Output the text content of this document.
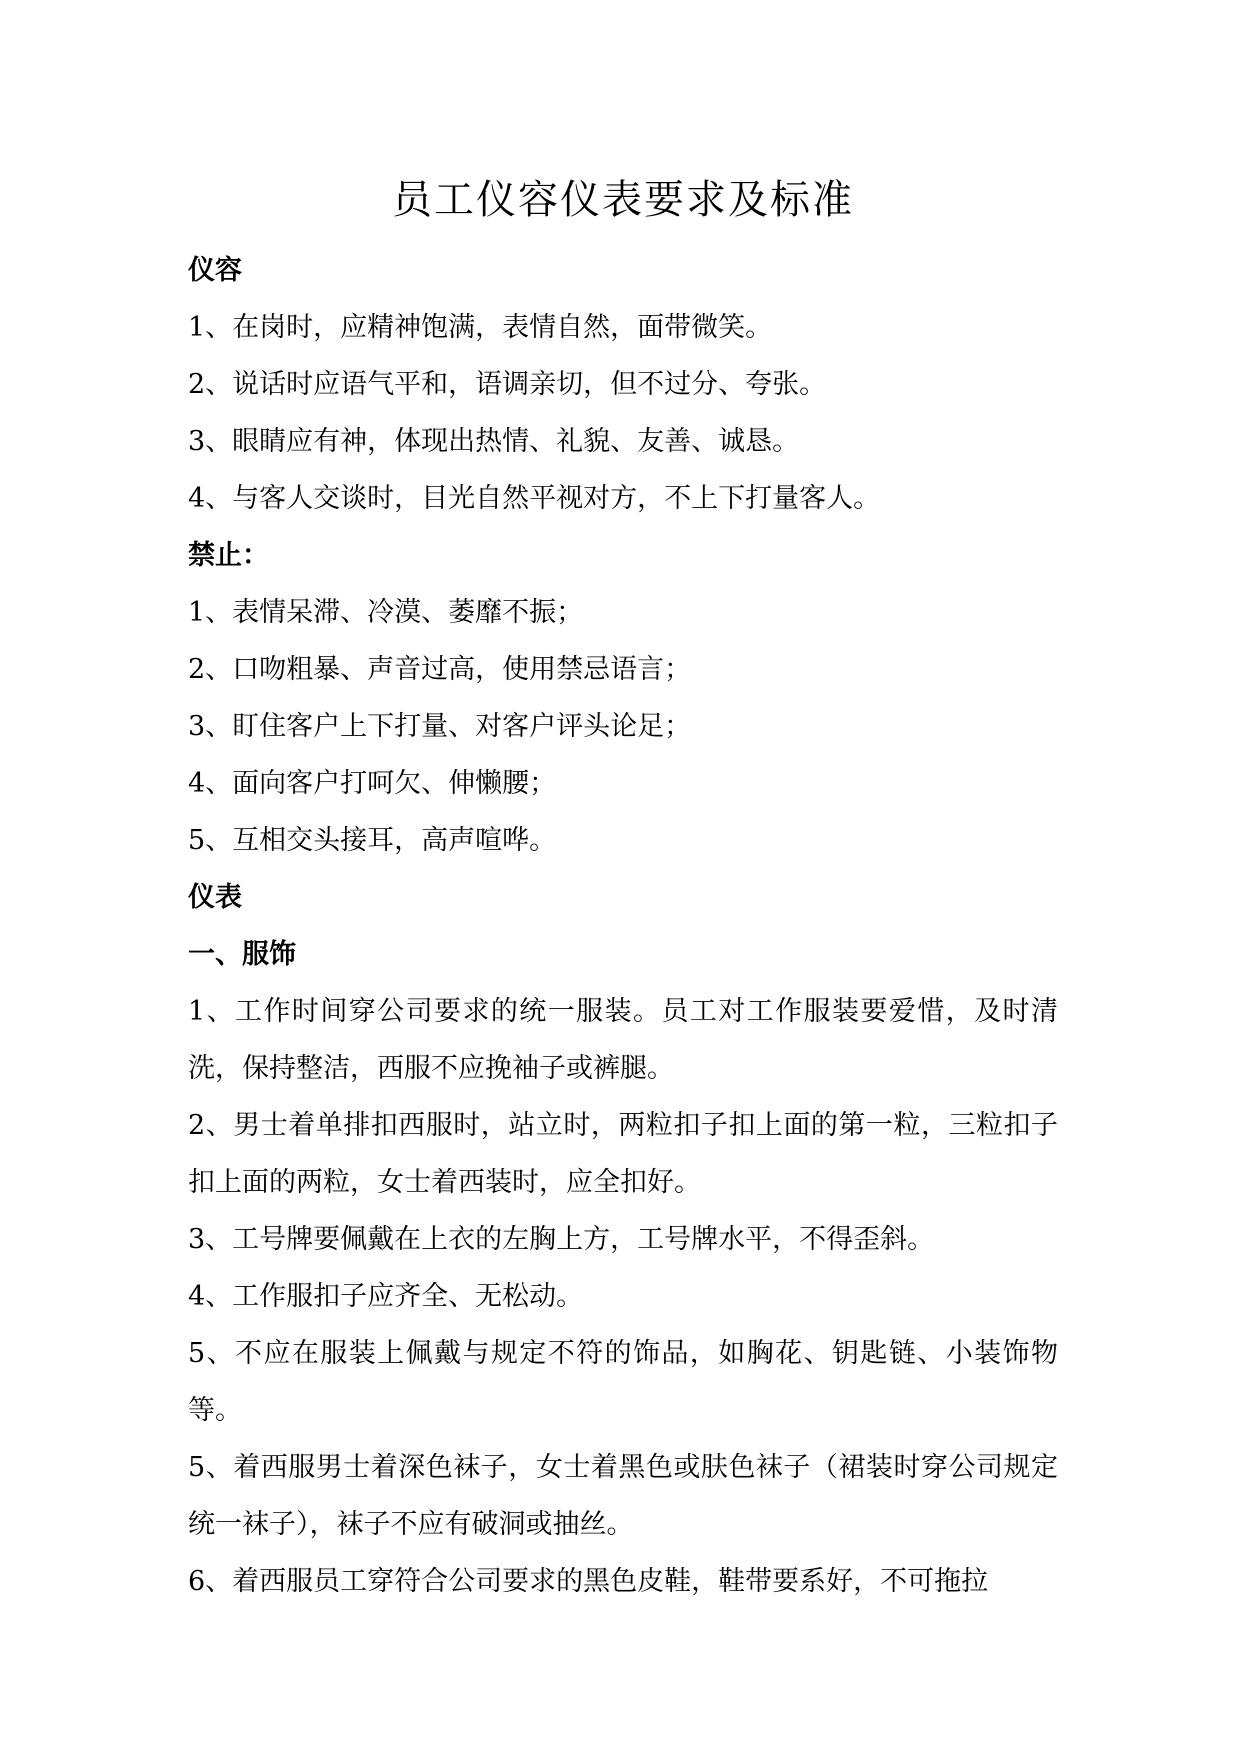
员工仪容仪表要求及标准

仪容

1、在岗时，应精神饱满，表情自然，面带微笑。

2、说话时应语气平和，语调亲切，但不过分、夸张。

3、眼睛应有神，体现出热情、礼貌、友善、诚恳。

4、与客人交谈时，目光自然平视对方，不上下打量客人。

禁止：

1、表情呆滞、冷漠、萎靡不振；

2、口吻粗暴、声音过高，使用禁忌语言；

3、盯住客户上下打量、对客户评头论足；

4、面向客户打呵欠、伸懒腰；

5、互相交头接耳，高声喧哗。

仪表

一、服饰

1、工作时间穿公司要求的统一服装。员工对工作服装要爱惜，及时清洗，保持整洁，西服不应挽袖子或裤腿。

2、男士着单排扣西服时，站立时，两粒扣子扣上面的第一粒，三粒扣子扣上面的两粒，女士着西装时，应全扣好。

3、工号牌要佩戴在上衣的左胸上方，工号牌水平，不得歪斜。

4、工作服扣子应齐全、无松动。

5、不应在服装上佩戴与规定不符的饰品，如胸花、钥匙链、小装饰物等。

5、着西服男士着深色袜子，女士着黑色或肤色袜子（裙装时穿公司规定统一袜子），袜子不应有破洞或抽丝。

6、着西服员工穿符合公司要求的黑色皮鞋，鞋带要系好，不可拖拉
